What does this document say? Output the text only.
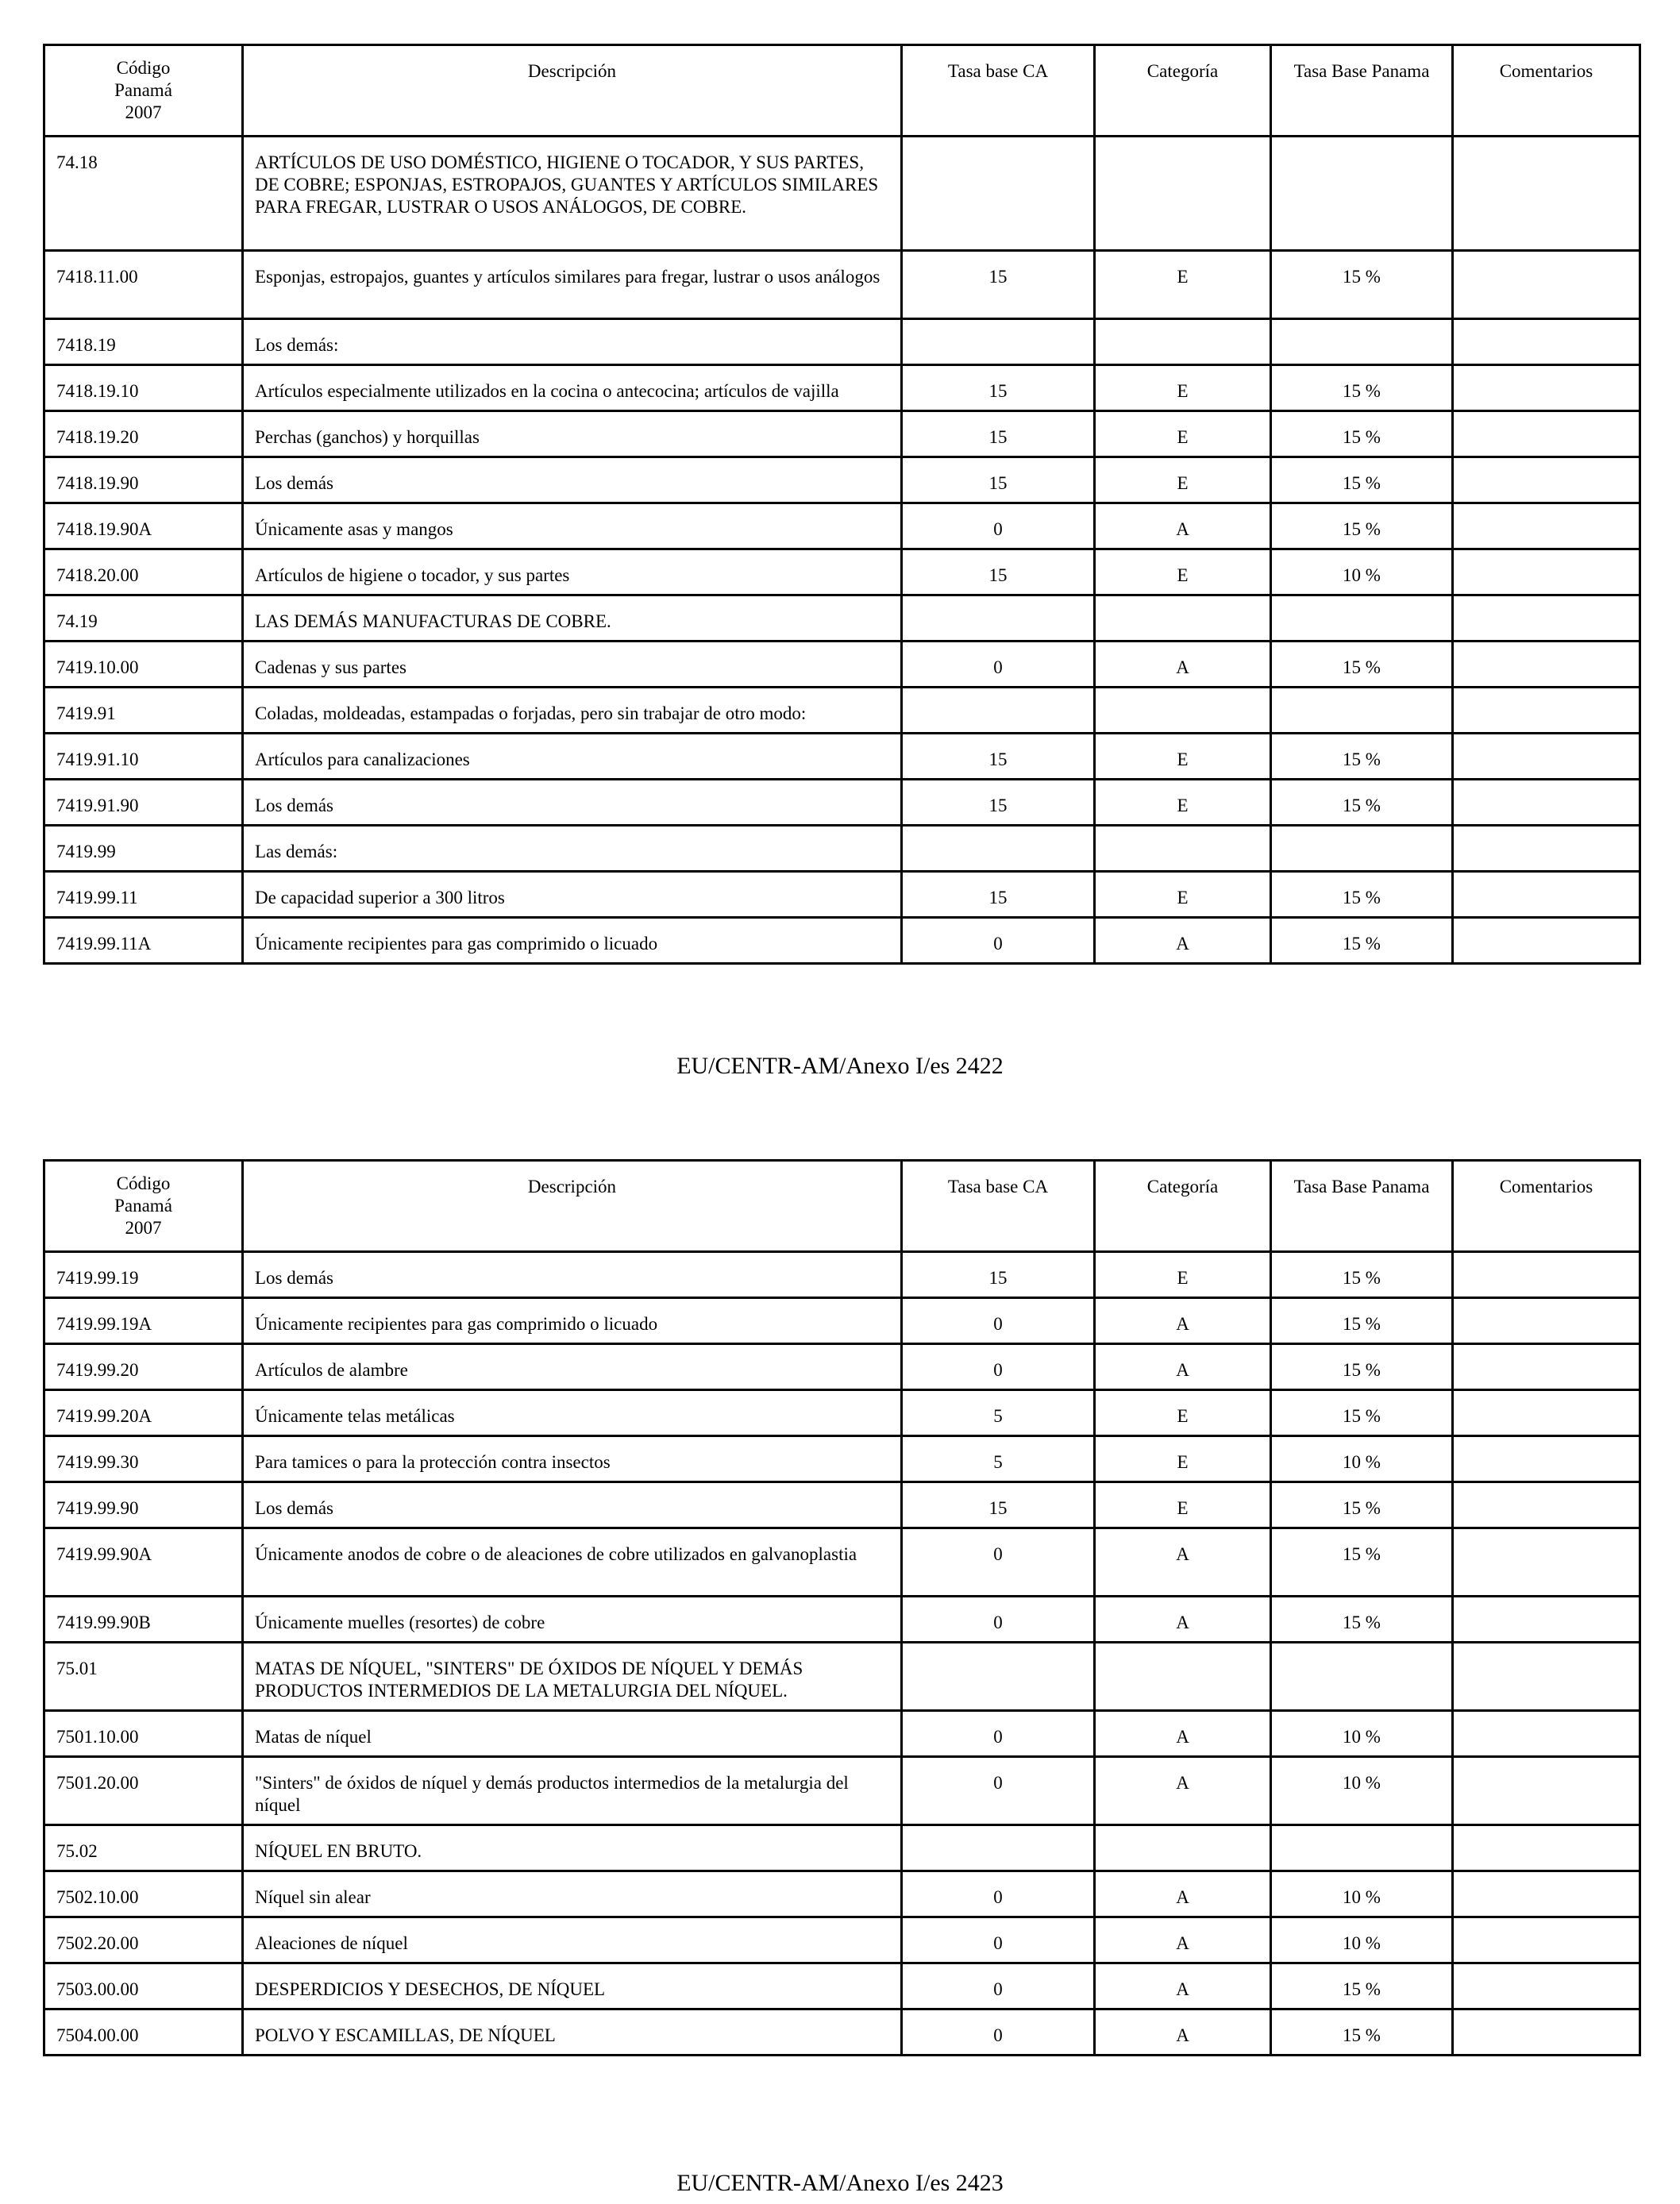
Código
Panamá
2007	Descripción	Tasa base CA	Categoría	Tasa Base Panama	Comentarios
74.18	ARTÍCULOS DE USO DOMÉSTICO, HIGIENE O TOCADOR, Y SUS PARTES, DE COBRE; ESPONJAS, ESTROPAJOS, GUANTES Y ARTÍCULOS SIMILARES PARA FREGAR, LUSTRAR O USOS ANÁLOGOS, DE COBRE.				
7418.11.00	Esponjas, estropajos, guantes y artículos similares para fregar, lustrar o usos análogos	15	E	15 %	
7418.19	Los demás:				
7418.19.10	Artículos especialmente utilizados en la cocina o antecocina; artículos de vajilla	15	E	15 %	
7418.19.20	Perchas (ganchos) y horquillas	15	E	15 %	
7418.19.90	Los demás	15	E	15 %	
7418.19.90A	Únicamente asas y mangos	0	A	15 %	
7418.20.00	Artículos de higiene o tocador, y sus partes	15	E	10 %	
74.19	LAS DEMÁS MANUFACTURAS DE COBRE.				
7419.10.00	Cadenas y sus partes	0	A	15 %	
7419.91	Coladas, moldeadas, estampadas o forjadas, pero sin trabajar de otro modo:				
7419.91.10	Artículos para canalizaciones	15	E	15 %	
7419.91.90	Los demás	15	E	15 %	
7419.99	Las demás:				
7419.99.11	De capacidad superior a 300 litros	15	E	15 %	
7419.99.11A	Únicamente recipientes para gas comprimido o licuado	0	A	15 %	
EU/CENTR-AM/Anexo I/es 2422
Código
Panamá
2007	Descripción	Tasa base CA	Categoría	Tasa Base Panama	Comentarios
7419.99.19	Los demás	15	E	15 %	
7419.99.19A	Únicamente recipientes para gas comprimido o licuado	0	A	15 %	
7419.99.20	Artículos de alambre	0	A	15 %	
7419.99.20A	Únicamente telas metálicas	5	E	15 %	
7419.99.30	Para tamices o para la protección contra insectos	5	E	10 %	
7419.99.90	Los demás	15	E	15 %	
7419.99.90A	Únicamente anodos de cobre o de aleaciones de cobre utilizados en galvanoplastia	0	A	15 %	
7419.99.90B	Únicamente muelles (resortes) de cobre	0	A	15 %	
75.01	MATAS DE NÍQUEL, "SINTERS" DE ÓXIDOS DE NÍQUEL Y DEMÁS PRODUCTOS INTERMEDIOS DE LA METALURGIA DEL NÍQUEL.				
7501.10.00	Matas de níquel	0	A	10 %	
7501.20.00	"Sinters" de óxidos de níquel y demás productos intermedios de la metalurgia del níquel	0	A	10 %	
75.02	NÍQUEL EN BRUTO.				
7502.10.00	Níquel sin alear	0	A	10 %	
7502.20.00	Aleaciones de níquel	0	A	10 %	
7503.00.00	DESPERDICIOS Y DESECHOS, DE NÍQUEL	0	A	15 %	
7504.00.00	POLVO Y ESCAMILLAS, DE NÍQUEL	0	A	15 %	
EU/CENTR-AM/Anexo I/es 2423
